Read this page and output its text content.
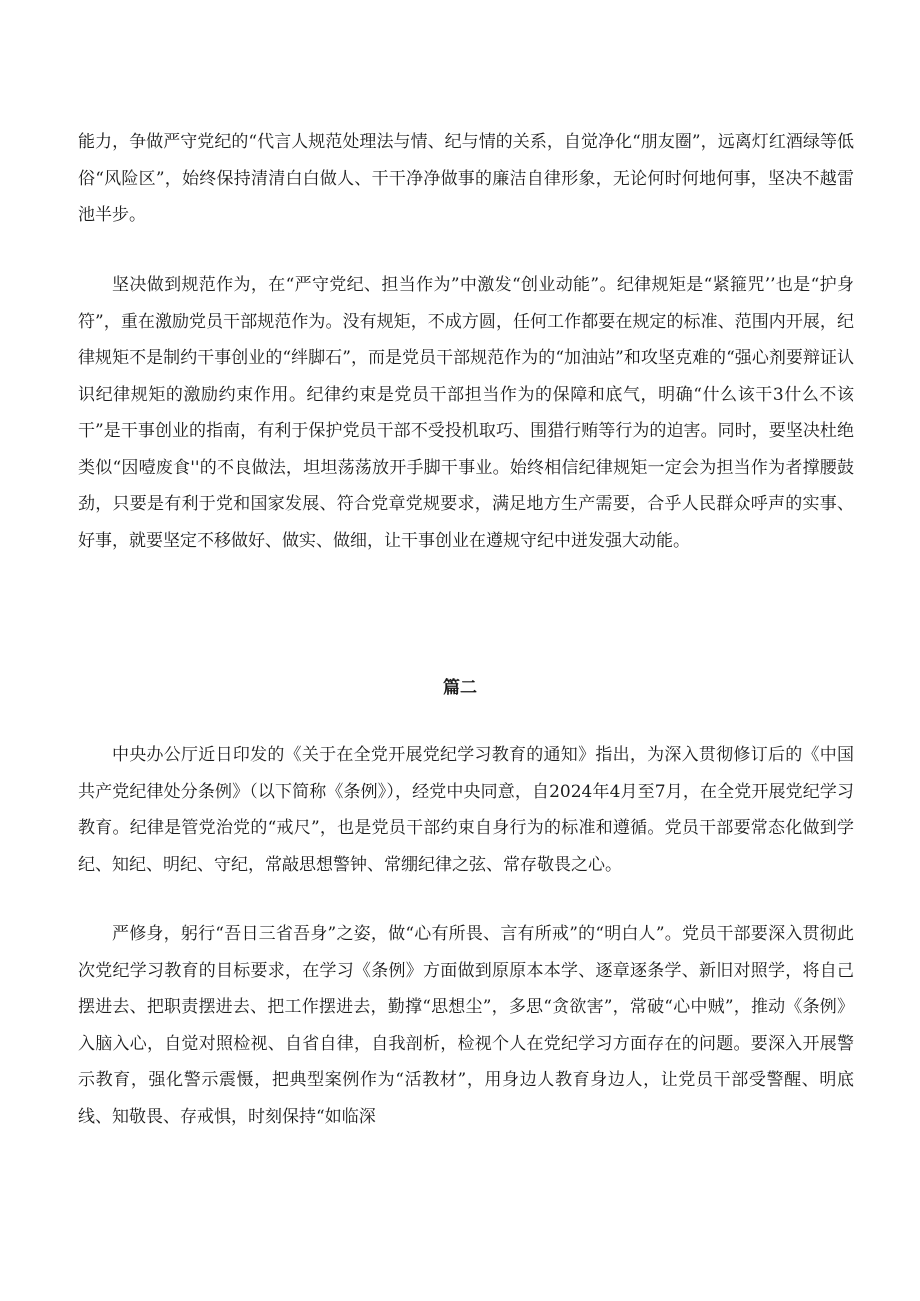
能力，争做严守党纪的“代言人规范处理法与情、纪与情的关系，自觉净化“朋友圈”，远离灯红酒绿等低俗“风险区”，始终保持清清白白做人、干干净净做事的廉洁自律形象，无论何时何地何事，坚决不越雷池半步。

坚决做到规范作为，在“严守党纪、担当作为”中激发“创业动能”。纪律规矩是“紧箍咒’’也是“护身符”，重在激励党员干部规范作为。没有规矩，不成方圆，任何工作都要在规定的标准、范围内开展，纪律规矩不是制约干事创业的“绊脚石”，而是党员干部规范作为的“加油站”和攻坚克难的“强心剂要辩证认识纪律规矩的激励约束作用。纪律约束是党员干部担当作为的保障和底气，明确“什么该干3什么不该干”是干事创业的指南，有利于保护党员干部不受投机取巧、围猎行贿等行为的迫害。同时，要坚决杜绝类似“因噎废食''的不良做法，坦坦荡荡放开手脚干事业。始终相信纪律规矩一定会为担当作为者撑腰鼓劲，只要是有利于党和国家发展、符合党章党规要求，满足地方生产需要，合乎人民群众呼声的实事、好事，就要坚定不移做好、做实、做细，让干事创业在遵规守纪中迸发强大动能。

篇二

中央办公厅近日印发的《关于在全党开展党纪学习教育的通知》指出，为深入贯彻修订后的《中国共产党纪律处分条例》（以下简称《条例》），经党中央同意，自2024年4月至7月，在全党开展党纪学习教育。纪律是管党治党的“戒尺”，也是党员干部约束自身行为的标准和遵循。党员干部要常态化做到学纪、知纪、明纪、守纪，常敲思想警钟、常绷纪律之弦、常存敬畏之心。

严修身，躬行“吾日三省吾身”之姿，做“心有所畏、言有所戒”的“明白人”。党员干部要深入贯彻此次党纪学习教育的目标要求，在学习《条例》方面做到原原本本学、逐章逐条学、新旧对照学，将自己摆进去、把职责摆进去、把工作摆进去，勤撑“思想尘”，多思“贪欲害”，常破“心中贼”，推动《条例》入脑入心，自觉对照检视、自省自律，自我剖析，检视个人在党纪学习方面存在的问题。要深入开展警示教育，强化警示震慑，把典型案例作为“活教材”，用身边人教育身边人，让党员干部受警醒、明底线、知敬畏、存戒惧，时刻保持“如临深
